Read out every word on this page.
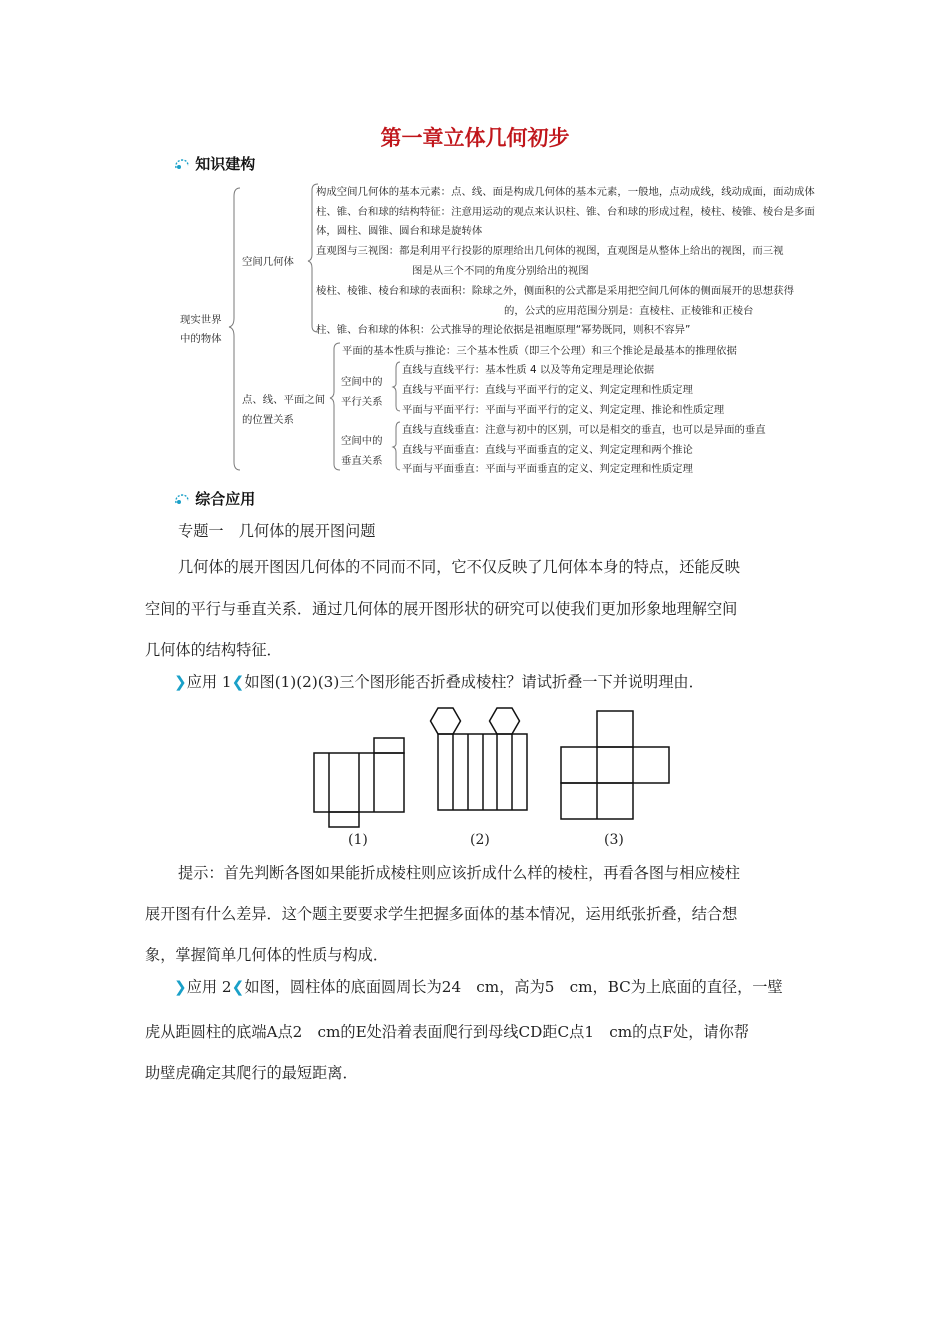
第一章立体几何初步
知识建构
现实世界
中的物体
空间几何体
点、线、平面之间
的位置关系
构成空间几何体的基本元素：点、线、面是构成几何体的基本元素，一般地，点动成线，线动成面，面动成体
柱、锥、台和球的结构特征：注意用运动的观点来认识柱、锥、台和球的形成过程，棱柱、棱锥、棱台是多面
体，圆柱、圆锥、圆台和球是旋转体
直观图与三视图：都是利用平行投影的原理给出几何体的视图，直观图是从整体上给出的视图，而三视
图是从三个不同的角度分别给出的视图
棱柱、棱锥、棱台和球的表面积：除球之外，侧面积的公式都是采用把空间几何体的侧面展开的思想获得
的，公式的应用范围分别是：直棱柱、正棱锥和正棱台
柱、锥、台和球的体积：公式推导的理论依据是祖暅原理“幂势既同，则积不容异”
平面的基本性质与推论：三个基本性质（即三个公理）和三个推论是最基本的推理依据
空间中的
平行关系
直线与直线平行：基本性质 4 以及等角定理是理论依据
直线与平面平行：直线与平面平行的定义、判定定理和性质定理
平面与平面平行：平面与平面平行的定义、判定定理、推论和性质定理
空间中的
垂直关系
直线与直线垂直：注意与初中的区别，可以是相交的垂直，也可以是异面的垂直
直线与平面垂直：直线与平面垂直的定义、判定定理和两个推论
平面与平面垂直：平面与平面垂直的定义、判定定理和性质定理
综合应用
专题一　几何体的展开图问题
几何体的展开图因几何体的不同而不同，它不仅反映了几何体本身的特点，还能反映
空间的平行与垂直关系．通过几何体的展开图形状的研究可以使我们更加形象地理解空间
几何体的结构特征．
❯应用 1❮如图(1)(2)(3)三个图形能否折叠成棱柱？请试折叠一下并说明理由．
(1)	(2)	(3)
提示：首先判断各图如果能折成棱柱则应该折成什么样的棱柱，再看各图与相应棱柱
展开图有什么差异．这个题主要要求学生把握多面体的基本情况，运用纸张折叠，结合想
象，掌握简单几何体的性质与构成．
❯应用 2❮如图，圆柱体的底面圆周长为24　cm，高为5　cm，BC为上底面的直径，一壁
虎从距圆柱的底端A点2　cm的E处沿着表面爬行到母线CD距C点1　cm的点F处，请你帮
助壁虎确定其爬行的最短距离．
